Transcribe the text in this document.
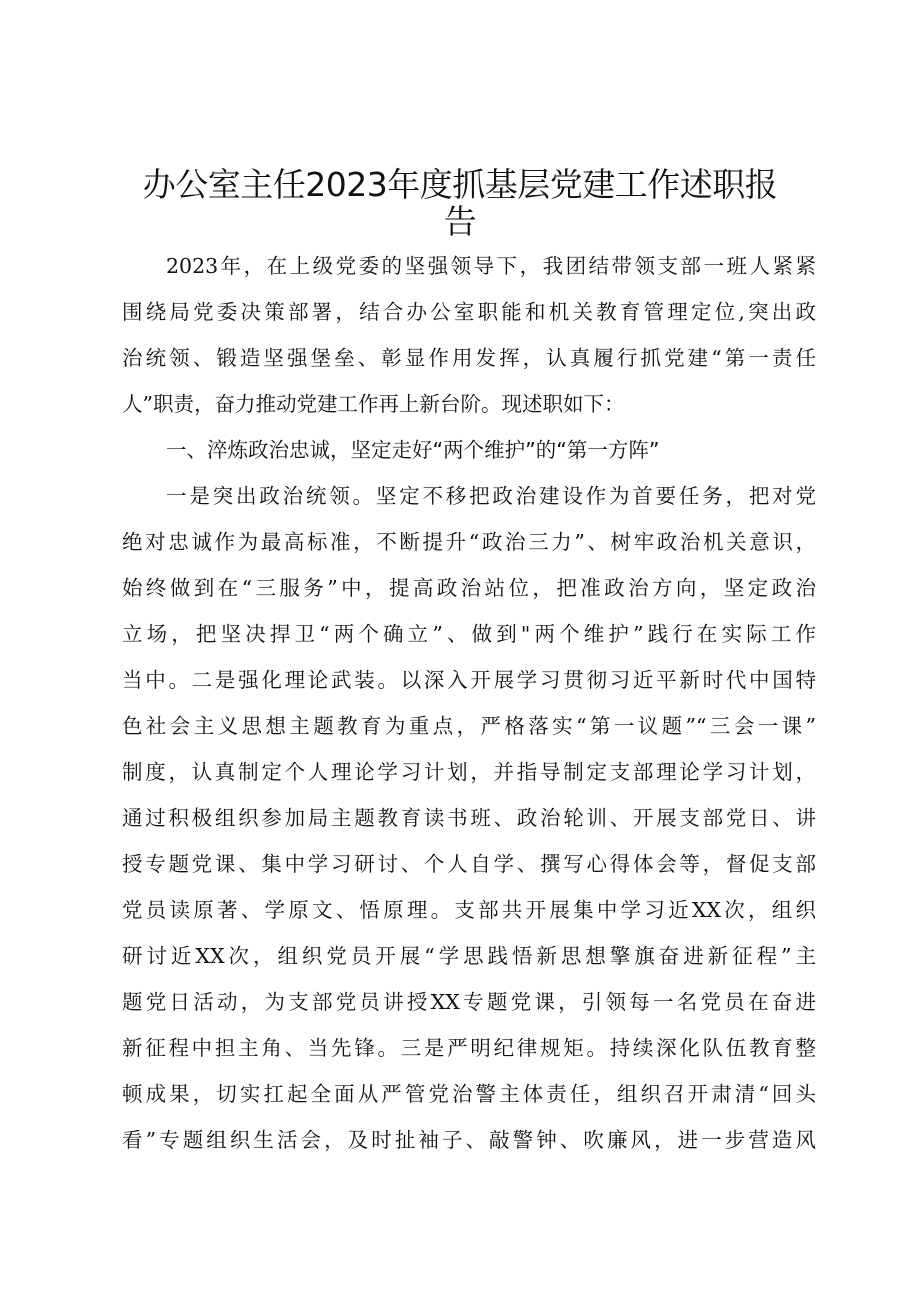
办公室主任2023年度抓基层党建工作述职报
告
2023年，在上级党委的坚强领导下，我团结带领支部一班人紧紧
围绕局党委决策部署，结合办公室职能和机关教育管理定位,突出政
治统领、锻造坚强堡垒、彰显作用发挥，认真履行抓党建“第一责任
人”职责，奋力推动党建工作再上新台阶。现述职如下：
一、淬炼政治忠诚，坚定走好“两个维护”的“第一方阵”
一是突出政治统领。坚定不移把政治建设作为首要任务，把对党
绝对忠诚作为最高标准，不断提升“政治三力”、树牢政治机关意识，
始终做到在“三服务”中，提高政治站位，把准政治方向，坚定政治
立场，把坚决捍卫“两个确立”、做到"两个维护”践行在实际工作
当中。二是强化理论武装。以深入开展学习贯彻习近平新时代中国特
色社会主义思想主题教育为重点，严格落实“第一议题”“三会一课”
制度，认真制定个人理论学习计划，并指导制定支部理论学习计划，
通过积极组织参加局主题教育读书班、政治轮训、开展支部党日、讲
授专题党课、集中学习研讨、个人自学、撰写心得体会等，督促支部
党员读原著、学原文、悟原理。支部共开展集中学习近XX次，组织
研讨近XX次，组织党员开展“学思践悟新思想擎旗奋进新征程”主
题党日活动，为支部党员讲授XX专题党课，引领每一名党员在奋进
新征程中担主角、当先锋。三是严明纪律规矩。持续深化队伍教育整
顿成果，切实扛起全面从严管党治警主体责任，组织召开肃清“回头
看”专题组织生活会，及时扯袖子、敲警钟、吹廉风，进一步营造风
